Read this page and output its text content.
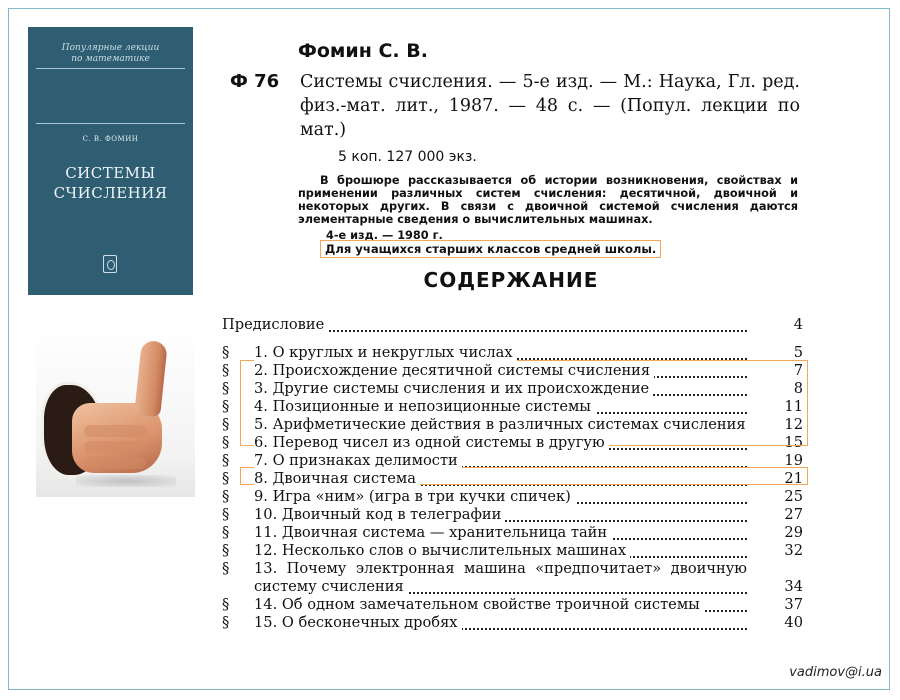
Популярные лекции
по математике
С. В. ФОМИН
СИСТЕМЫ
СЧИСЛЕНИЯ
Фомин С. В.
Ф 76 Системы счисления. — 5-е изд. — М.: Наука, Гл. ред. физ.-мат. лит., 1987. — 48 с. — (Попул. лекции по мат.)
5 коп. 127 000 экз.
В брошюре рассказывается об истории возникновения, свойствах и применении различных систем счисления: десятичной, двоичной и некоторых других. В связи с двоичной системой счисления даются элементарные сведения о вычислительных машинах.
4-е изд. — 1980 г.
Для учащихся старших классов средней школы.
СОДЕРЖАНИЕ
Предисловие	4
§	1. О круглых и некруглых числах	5
§	2. Происхождение десятичной системы счисления	7
§	3. Другие системы счисления и их происхождение	8
§	4. Позиционные и непозиционные системы	11
§	5. Арифметические действия в различных системах счисления	12
§	6. Перевод чисел из одной системы в другую	15
§	7. О признаках делимости	19
§	8. Двоичная система	21
§	9. Игра «ним» (игра в три кучки спичек)	25
§	10. Двоичный код в телеграфии	27
§	11. Двоичная система — хранительница тайн	29
§	12. Несколько слов о вычислительных машинах	32
§	13. Почему электронная машина «предпочитает» двоичную систему счисления	34
§	14. Об одном замечательном свойстве троичной системы	37
§	15. О бесконечных дробях	40
vadimov@i.ua
